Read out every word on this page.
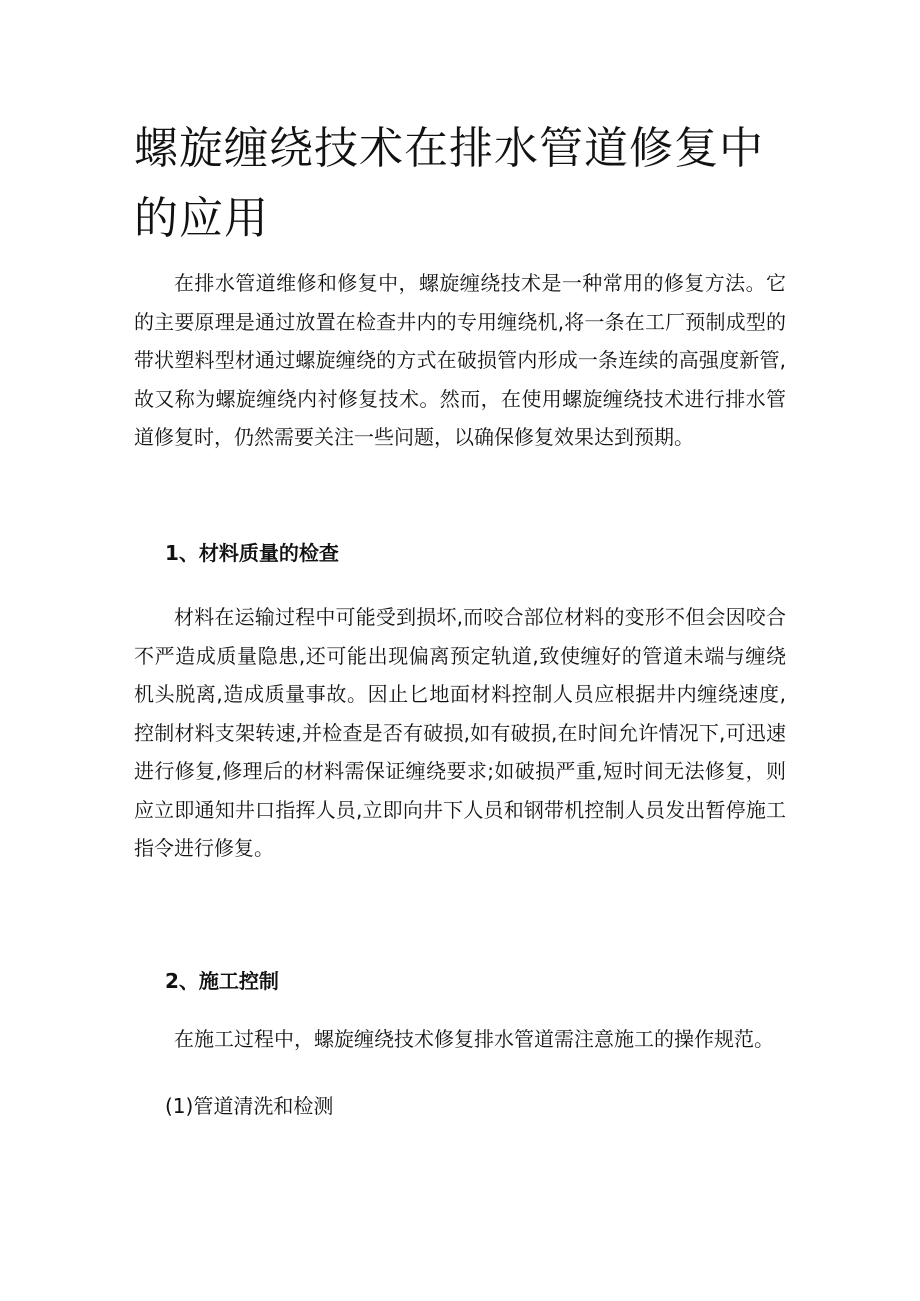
螺旋缠绕技术在排水管道修复中的应用

在排水管道维修和修复中，螺旋缠绕技术是一种常用的修复方法。它的主要原理是通过放置在检查井内的专用缠绕机,将一条在工厂预制成型的带状塑料型材通过螺旋缠绕的方式在破损管内形成一条连续的高强度新管,故又称为螺旋缠绕内衬修复技术。然而，在使用螺旋缠绕技术进行排水管道修复时，仍然需要关注一些问题，以确保修复效果达到预期。

1、材料质量的检查

材料在运输过程中可能受到损坏,而咬合部位材料的变形不但会因咬合不严造成质量隐患,还可能出现偏离预定轨道,致使缠好的管道未端与缠绕机头脱离,造成质量事故。因止匕地面材料控制人员应根据井内缠绕速度,控制材料支架转速,并检查是否有破损,如有破损,在时间允许情况下,可迅速进行修复,修理后的材料需保证缠绕要求;如破损严重,短时间无法修复，则应立即通知井口指挥人员,立即向井下人员和钢带机控制人员发出暂停施工指令进行修复。

2、施工控制

在施工过程中，螺旋缠绕技术修复排水管道需注意施工的操作规范。

(1)管道清洗和检测
